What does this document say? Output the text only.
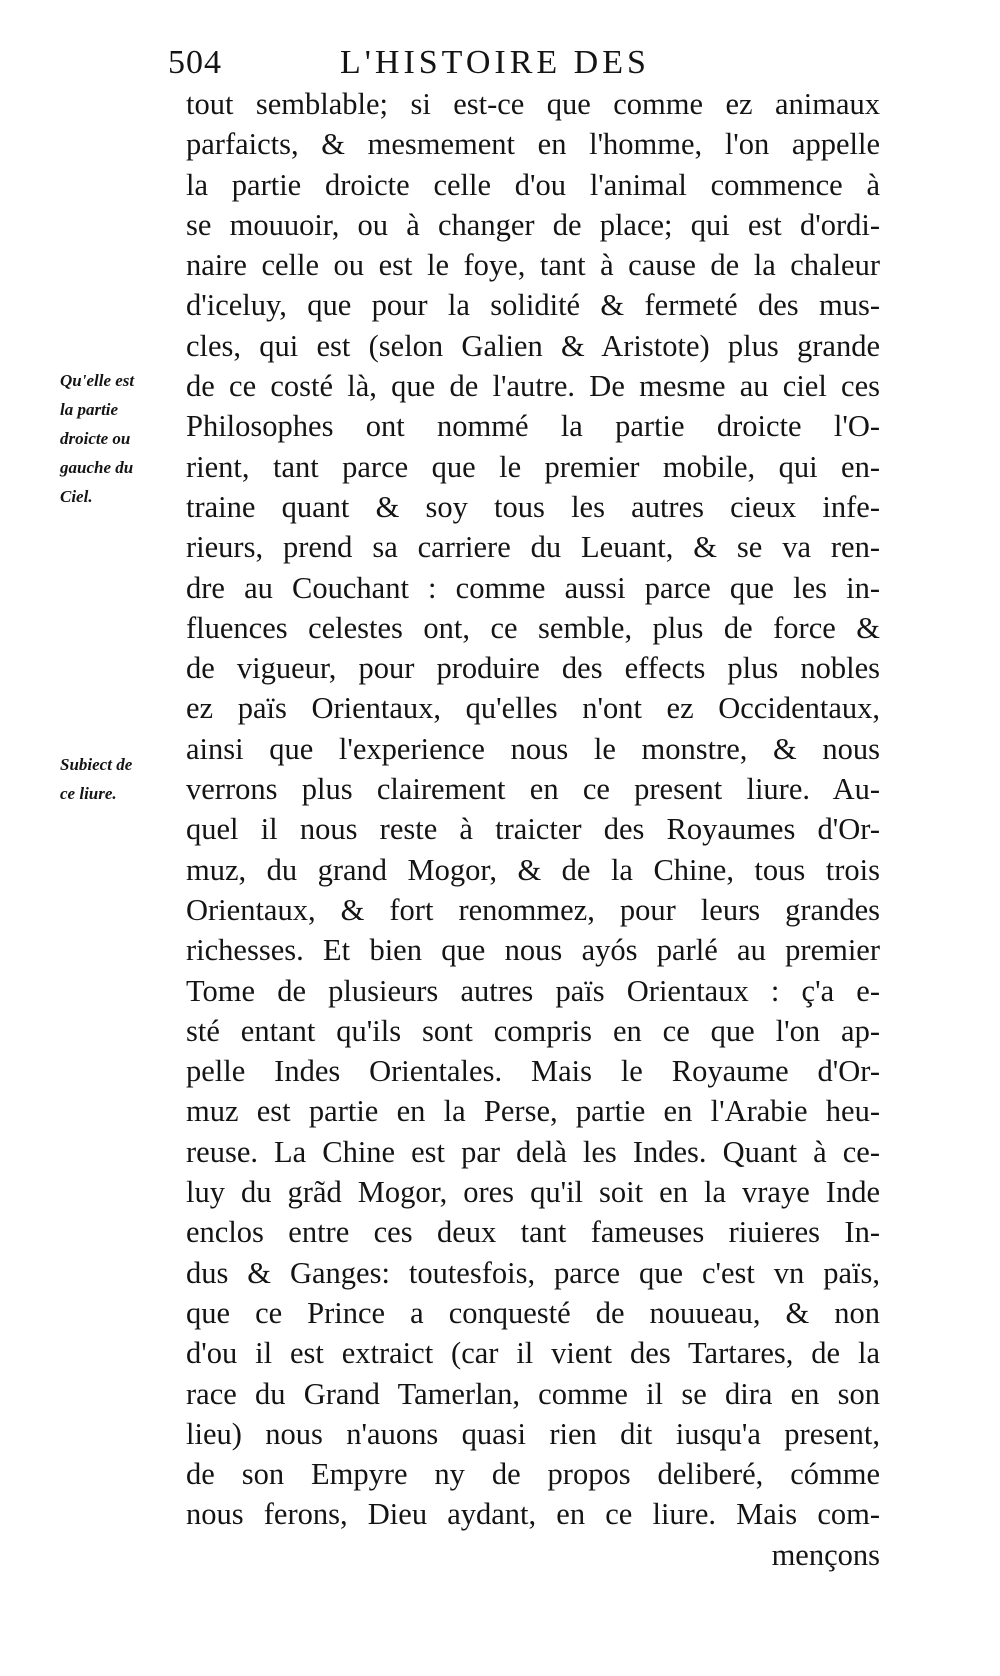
504	L'HISTOIRE DES
Qu'elle est
la partie
droicte ou
gauche du
Ciel.
Subiect de
ce liure.
tout semblable; si est-ce que comme ez animaux
parfaicts, & mesmement en l'homme, l'on appelle
la partie droicte celle d'ou l'animal commence à
se mouuoir, ou à changer de place; qui est d'ordi-
naire celle ou est le foye, tant à cause de la chaleur
d'iceluy, que pour la solidité & fermeté des mus-
cles, qui est (selon Galien & Aristote) plus grande
de ce costé là, que de l'autre. De mesme au ciel ces
Philosophes ont nommé la partie droicte l'O-
rient, tant parce que le premier mobile, qui en-
traine quant & soy tous les autres cieux infe-
rieurs, prend sa carriere du Leuant, & se va ren-
dre au Couchant : comme aussi parce que les in-
fluences celestes ont, ce semble, plus de force &
de vigueur, pour produire des effects plus nobles
ez païs Orientaux, qu'elles n'ont ez Occidentaux,
ainsi que l'experience nous le monstre, & nous
verrons plus clairement en ce present liure. Au-
quel il nous reste à traicter des Royaumes d'Or-
muz, du grand Mogor, & de la Chine, tous trois
Orientaux, & fort renommez, pour leurs grandes
richesses. Et bien que nous ayós parlé au premier
Tome de plusieurs autres païs Orientaux : ç'a e-
sté entant qu'ils sont compris en ce que l'on ap-
pelle Indes Orientales. Mais le Royaume d'Or-
muz est partie en la Perse, partie en l'Arabie heu-
reuse. La Chine est par delà les Indes. Quant à ce-
luy du grãd Mogor, ores qu'il soit en la vraye Inde
enclos entre ces deux tant fameuses riuieres In-
dus & Ganges: toutesfois, parce que c'est vn païs,
que ce Prince a conquesté de nouueau, & non
d'ou il est extraict (car il vient des Tartares, de la
race du Grand Tamerlan, comme il se dira en son
lieu) nous n'auons quasi rien dit iusqu'a present,
de son Empyre ny de propos deliberé, cómme
nous ferons, Dieu aydant, en ce liure. Mais com-
mençons
